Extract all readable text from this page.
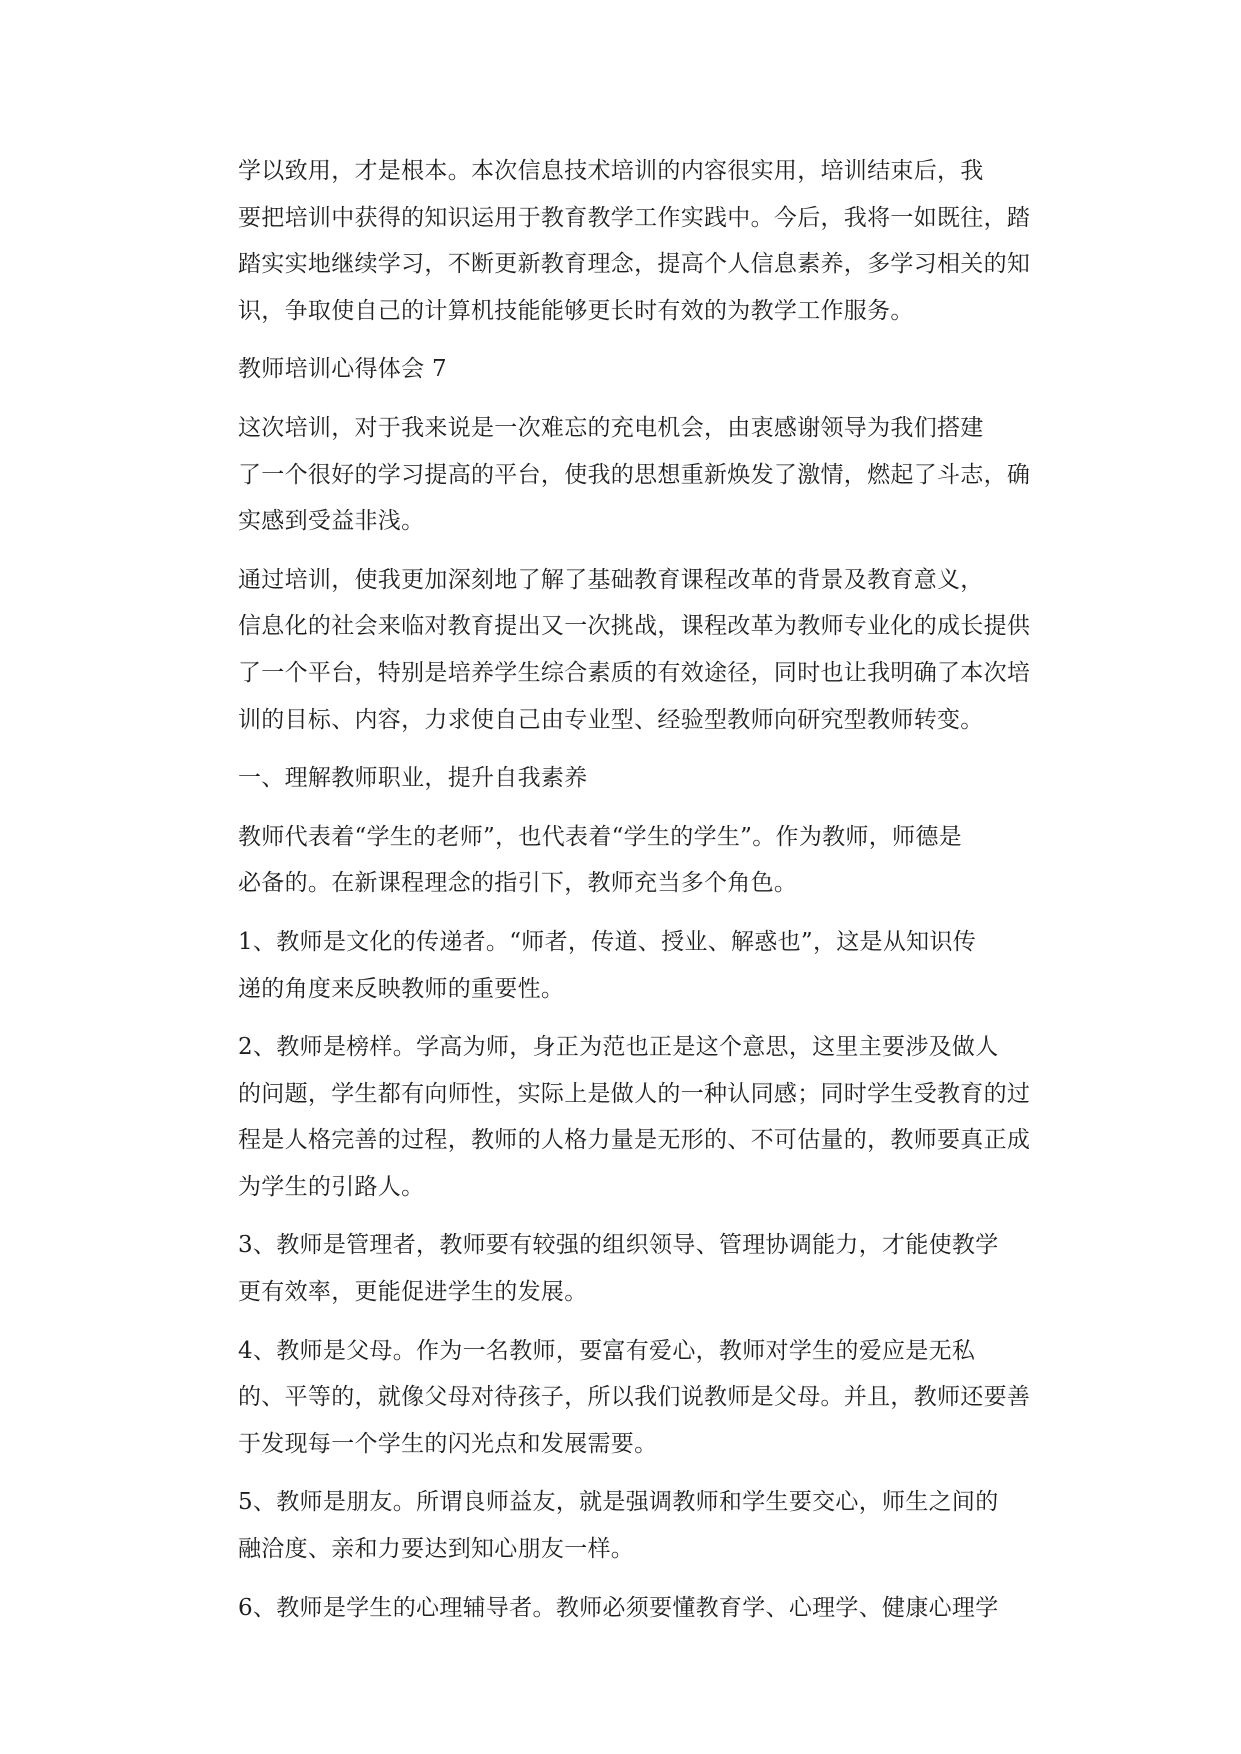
学以致用，才是根本。本次信息技术培训的内容很实用，培训结束后，我
要把培训中获得的知识运用于教育教学工作实践中。今后，我将一如既往，踏
踏实实地继续学习，不断更新教育理念，提高个人信息素养，多学习相关的知
识，争取使自己的计算机技能能够更长时有效的为教学工作服务。

教师培训心得体会 7

这次培训，对于我来说是一次难忘的充电机会，由衷感谢领导为我们搭建
了一个很好的学习提高的平台，使我的思想重新焕发了激情，燃起了斗志，确
实感到受益非浅。

通过培训，使我更加深刻地了解了基础教育课程改革的背景及教育意义，
信息化的社会来临对教育提出又一次挑战，课程改革为教师专业化的成长提供
了一个平台，特别是培养学生综合素质的有效途径，同时也让我明确了本次培
训的目标、内容，力求使自己由专业型、经验型教师向研究型教师转变。

一、理解教师职业，提升自我素养

教师代表着“学生的老师”，也代表着“学生的学生”。作为教师，师德是
必备的。在新课程理念的指引下，教师充当多个角色。

1、教师是文化的传递者。“师者，传道、授业、解惑也”，这是从知识传
递的角度来反映教师的重要性。

2、教师是榜样。学高为师，身正为范也正是这个意思，这里主要涉及做人
的问题，学生都有向师性，实际上是做人的一种认同感；同时学生受教育的过
程是人格完善的过程，教师的人格力量是无形的、不可估量的，教师要真正成
为学生的引路人。

3、教师是管理者，教师要有较强的组织领导、管理协调能力，才能使教学
更有效率，更能促进学生的发展。

4、教师是父母。作为一名教师，要富有爱心，教师对学生的爱应是无私
的、平等的，就像父母对待孩子，所以我们说教师是父母。并且，教师还要善
于发现每一个学生的闪光点和发展需要。

5、教师是朋友。所谓良师益友，就是强调教师和学生要交心，师生之间的
融洽度、亲和力要达到知心朋友一样。

6、教师是学生的心理辅导者。教师必须要懂教育学、心理学、健康心理学
